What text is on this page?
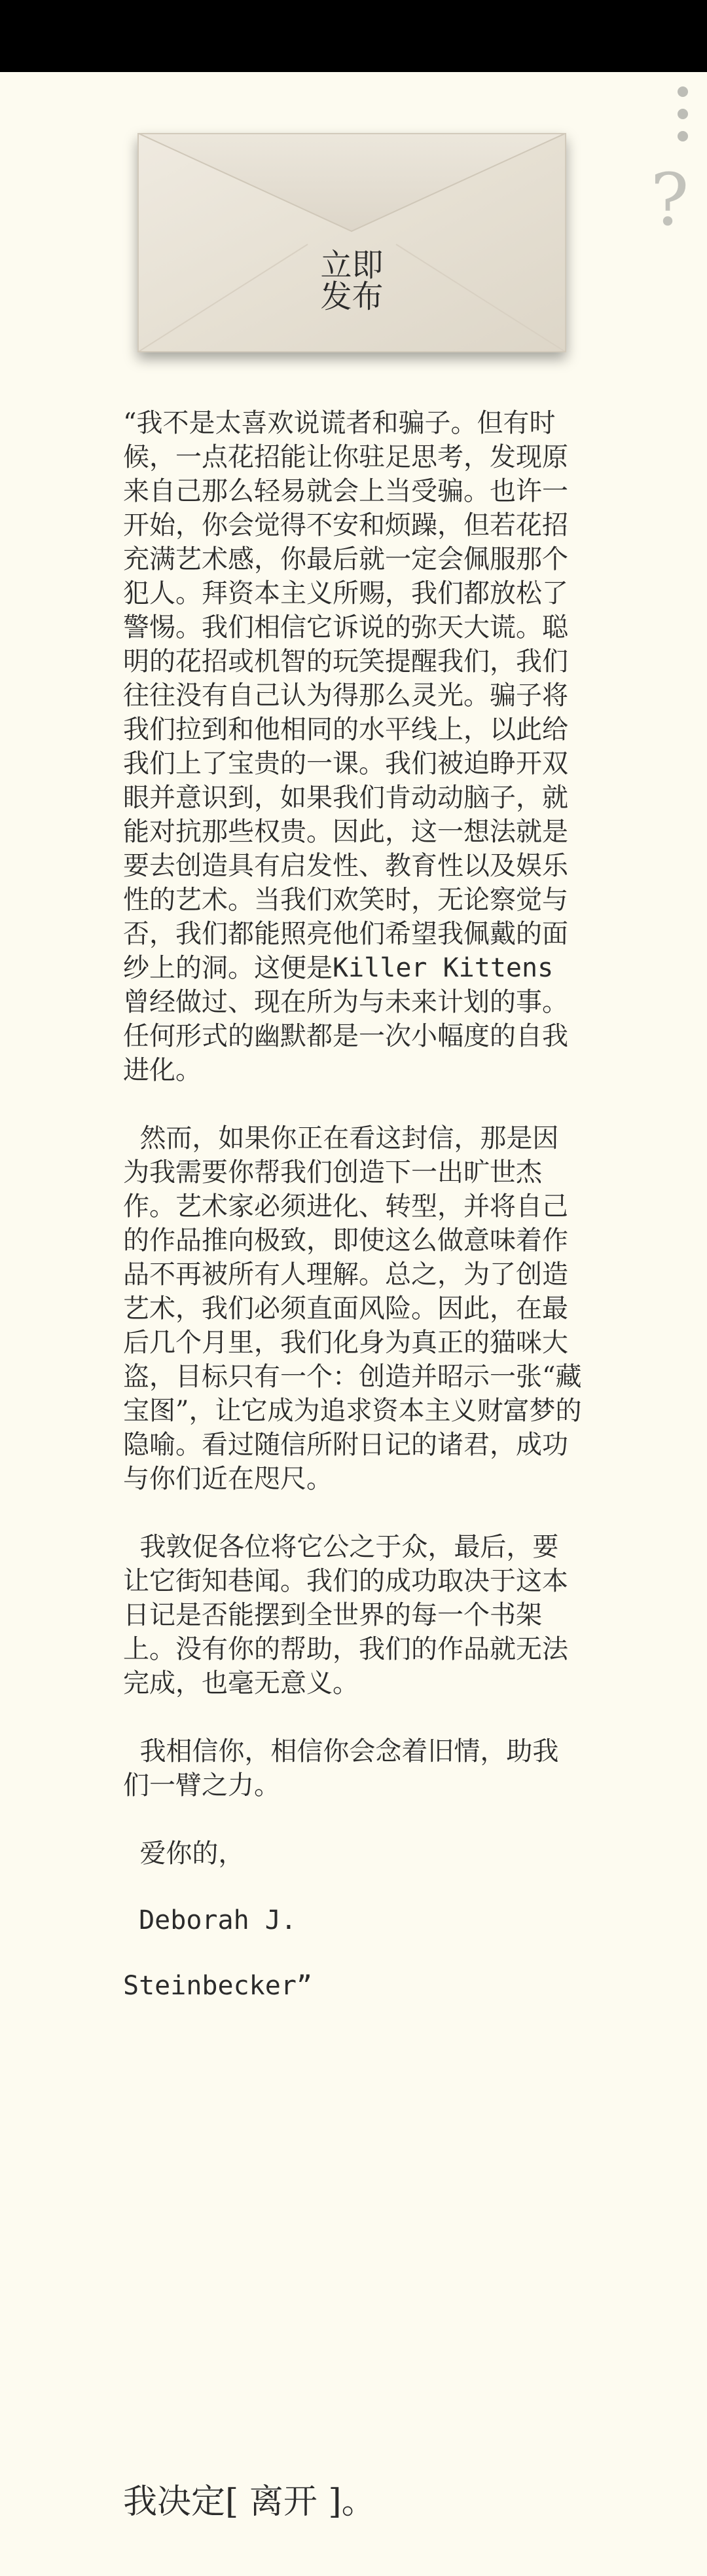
?
立即
发布

“我不是太喜欢说谎者和骗子。但有时候，一点花招能让你驻足思考，发现原来自己那么轻易就会上当受骗。也许一开始，你会觉得不安和烦躁，但若花招充满艺术感，你最后就一定会佩服那个犯人。拜资本主义所赐，我们都放松了警惕。我们相信它诉说的弥天大谎。聪明的花招或机智的玩笑提醒我们，我们往往没有自己认为得那么灵光。骗子将我们拉到和他相同的水平线上，以此给我们上了宝贵的一课。我们被迫睁开双眼并意识到，如果我们肯动动脑子，就能对抗那些权贵。因此，这一想法就是要去创造具有启发性、教育性以及娱乐性的艺术。当我们欢笑时，无论察觉与否，我们都能照亮他们希望我佩戴的面纱上的洞。这便是Killer Kittens 曾经做过、现在所为与未来计划的事。任何形式的幽默都是一次小幅度的自我进化。

然而，如果你正在看这封信，那是因为我需要你帮我们创造下一出旷世杰作。艺术家必须进化、转型，并将自己的作品推向极致，即使这么做意味着作品不再被所有人理解。总之，为了创造艺术，我们必须直面风险。因此，在最后几个月里，我们化身为真正的猫咪大盗，目标只有一个：创造并昭示一张“藏宝图”，让它成为追求资本主义财富梦的隐喻。看过随信所附日记的诸君，成功与你们近在咫尺。

我敦促各位将它公之于众，最后，要让它街知巷闻。我们的成功取决于这本日记是否能摆到全世界的每一个书架上。没有你的帮助，我们的作品就无法完成，也毫无意义。

我相信你，相信你会念着旧情，助我们一臂之力。

爱你的，

Deborah J.

Steinbecker”

我决定[ 离开 ]。
